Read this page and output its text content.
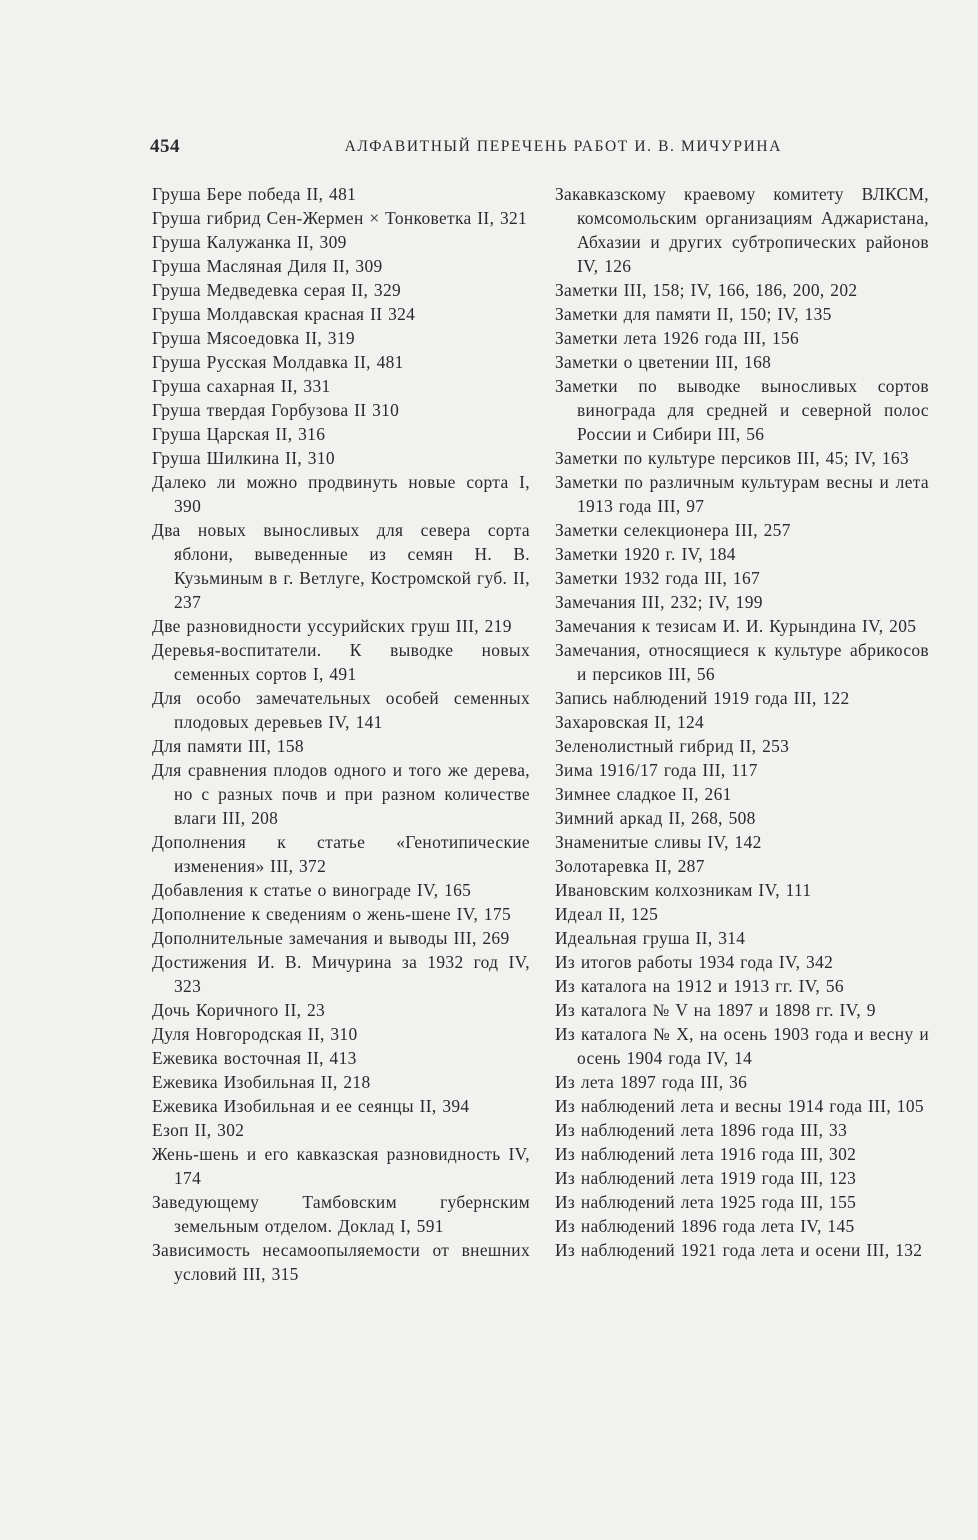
454	АЛФАВИТНЫЙ ПЕРЕЧЕНЬ РАБОТ И. В. МИЧУРИНА
Груша Бере победа II, 481
Груша гибрид Сен-Жермен × Тонковетка II, 321
Груша Калужанка II, 309
Груша Масляная Диля II, 309
Груша Медведевка серая II, 329
Груша Молдавская красная II 324
Груша Мясоедовка II, 319
Груша Русская Молдавка II, 481
Груша сахарная II, 331
Груша твердая Горбузова II 310
Груша Царская II, 316
Груша Шилкина II, 310
Далеко ли можно продвинуть новые сорта I, 390
Два новых выносливых для севера сорта яблони, выведенные из семян Н. В. Кузьминым в г. Ветлуге, Костромской губ. II, 237
Две разновидности уссурийских груш III, 219
Деревья-воспитатели. К выводке новых семенных сортов I, 491
Для особо замечательных особей семенных плодовых деревьев IV, 141
Для памяти III, 158
Для сравнения плодов одного и того же дерева, но с разных почв и при разном количестве влаги III, 208
Дополнения к статье «Генотипические изменения» III, 372
Добавления к статье о винограде IV, 165
Дополнение к сведениям о жень-шене IV, 175
Дополнительные замечания и выводы III, 269
Достижения И. В. Мичурина за 1932 год IV, 323
Дочь Коричного II, 23
Дуля Новгородская II, 310
Ежевика восточная II, 413
Ежевика Изобильная II, 218
Ежевика Изобильная и ее сеянцы II, 394
Езоп II, 302
Жень-шень и его кавказская разновидность IV, 174
Заведующему Тамбовским губернским земельным отделом. Доклад I, 591
Зависимость несамоопыляемости от внешних условий III, 315
Закавказскому краевому комитету ВЛКСМ, комсомольским организациям Аджаристана, Абхазии и других субтропических районов IV, 126
Заметки III, 158; IV, 166, 186, 200, 202
Заметки для памяти II, 150; IV, 135
Заметки лета 1926 года III, 156
Заметки о цветении III, 168
Заметки по выводке выносливых сортов винограда для средней и северной полос России и Сибири III, 56
Заметки по культуре персиков III, 45; IV, 163
Заметки по различным культурам весны и лета 1913 года III, 97
Заметки селекционера III, 257
Заметки 1920 г. IV, 184
Заметки 1932 года III, 167
Замечания III, 232; IV, 199
Замечания к тезисам И. И. Курындина IV, 205
Замечания, относящиеся к культуре абрикосов и персиков III, 56
Запись наблюдений 1919 года III, 122
Захаровская II, 124
Зеленолистный гибрид II, 253
Зима 1916/17 года III, 117
Зимнее сладкое II, 261
Зимний аркад II, 268, 508
Знаменитые сливы IV, 142
Золотаревка II, 287
Ивановским колхозникам IV, 111
Идеал II, 125
Идеальная груша II, 314
Из итогов работы 1934 года IV, 342
Из каталога на 1912 и 1913 гг. IV, 56
Из каталога № V на 1897 и 1898 гг. IV, 9
Из каталога № X, на осень 1903 года и весну и осень 1904 года IV, 14
Из лета 1897 года III, 36
Из наблюдений лета и весны 1914 года III, 105
Из наблюдений лета 1896 года III, 33
Из наблюдений лета 1916 года III, 302
Из наблюдений лета 1919 года III, 123
Из наблюдений лета 1925 года III, 155
Из наблюдений 1896 года лета IV, 145
Из наблюдений 1921 года лета и осени III, 132
